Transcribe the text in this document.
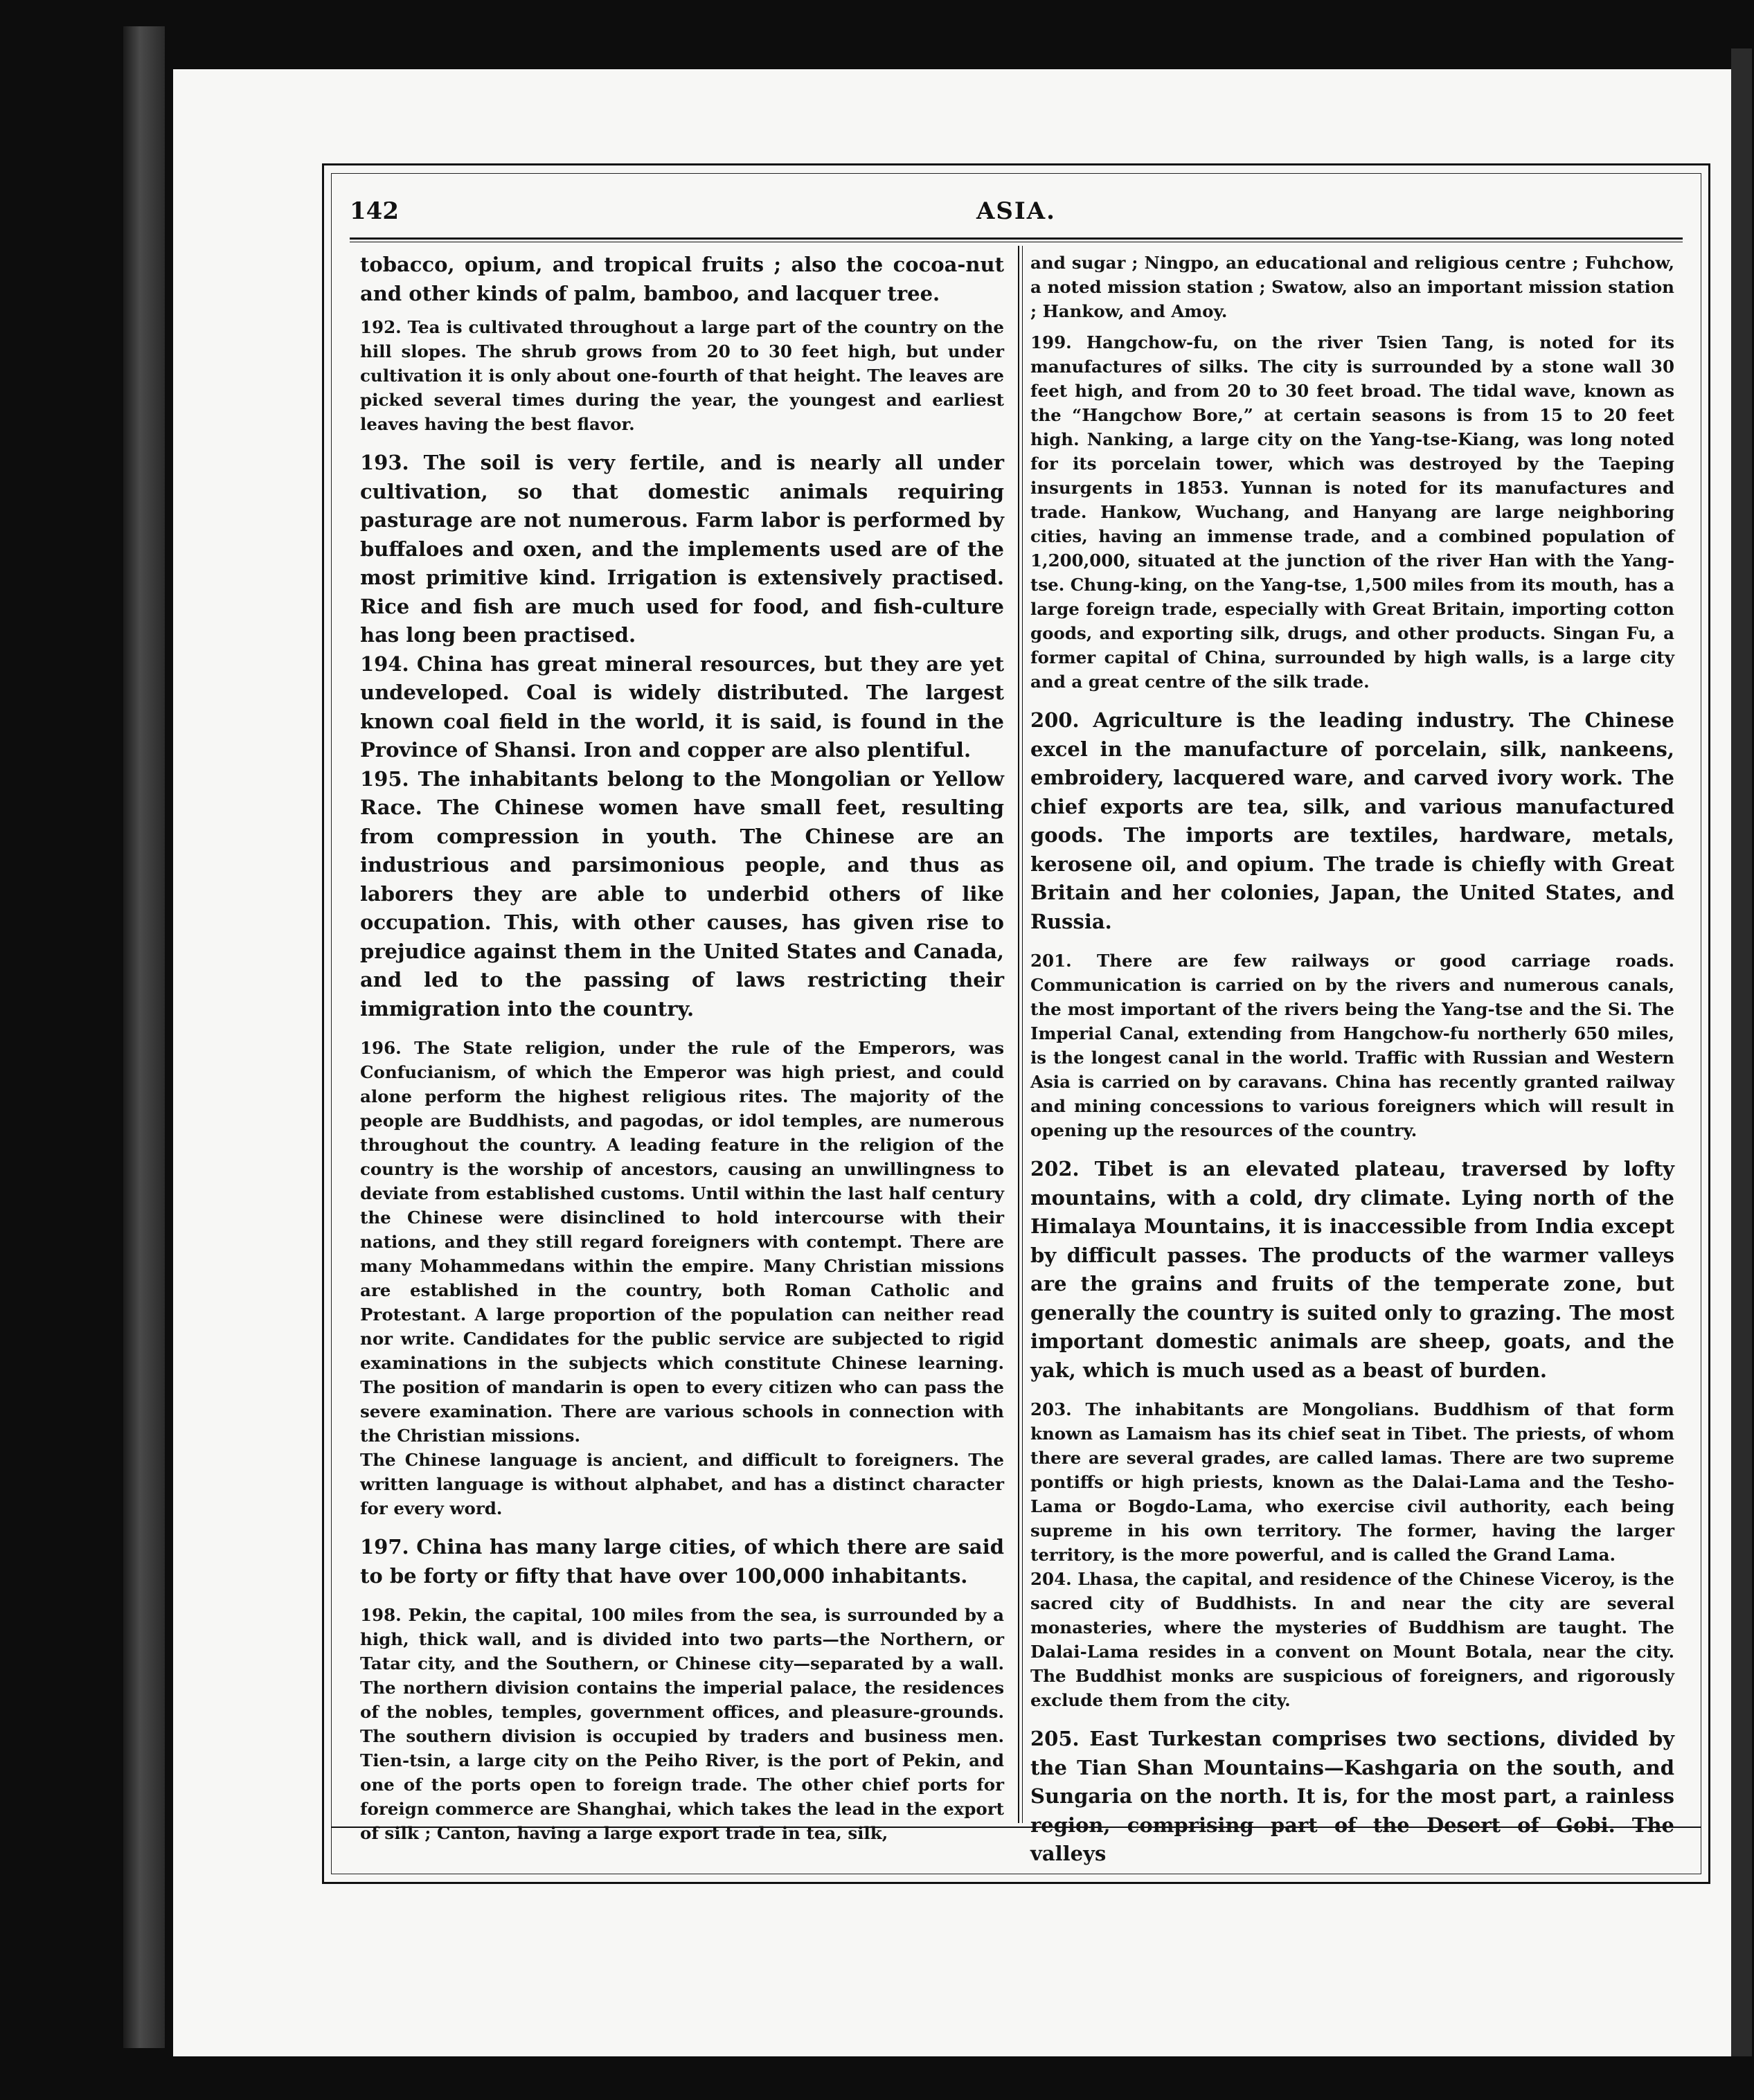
142	ASIA.

tobacco, opium, and tropical fruits ; also the cocoa-nut and other kinds of palm, bamboo, and lacquer tree.

192. Tea is cultivated throughout a large part of the country on the hill slopes. The shrub grows from 20 to 30 feet high, but under cultivation it is only about one-fourth of that height. The leaves are picked several times during the year, the youngest and earliest leaves having the best flavor.

193. The soil is very fertile, and is nearly all under cultivation, so that domestic animals requiring pasturage are not numerous. Farm labor is performed by buffaloes and oxen, and the implements used are of the most primitive kind. Irrigation is extensively practised. Rice and fish are much used for food, and fish-culture has long been practised.

194. China has great mineral resources, but they are yet undeveloped. Coal is widely distributed. The largest known coal field in the world, it is said, is found in the Province of Shansi. Iron and copper are also plentiful.

195. The inhabitants belong to the Mongolian or Yellow Race. The Chinese women have small feet, resulting from compression in youth. The Chinese are an industrious and parsimonious people, and thus as laborers they are able to underbid others of like occupation. This, with other causes, has given rise to prejudice against them in the United States and Canada, and led to the passing of laws restricting their immigration into the country.

196. The State religion, under the rule of the Emperors, was Confucianism, of which the Emperor was high priest, and could alone perform the highest religious rites. The majority of the people are Buddhists, and pagodas, or idol temples, are numerous throughout the country. A leading feature in the religion of the country is the worship of ancestors, causing an unwillingness to deviate from established customs. Until within the last half century the Chinese were disinclined to hold intercourse with their nations, and they still regard foreigners with contempt. There are many Mohammedans within the empire. Many Christian missions are established in the country, both Roman Catholic and Protestant. A large proportion of the population can neither read nor write. Candidates for the public service are subjected to rigid examinations in the subjects which constitute Chinese learning. The position of mandarin is open to every citizen who can pass the severe examination. There are various schools in connection with the Christian missions.

The Chinese language is ancient, and difficult to foreigners. The written language is without alphabet, and has a distinct character for every word.

197. China has many large cities, of which there are said to be forty or fifty that have over 100,000 inhabitants.

198. Pekin, the capital, 100 miles from the sea, is surrounded by a high, thick wall, and is divided into two parts—the Northern, or Tatar city, and the Southern, or Chinese city—separated by a wall. The northern division contains the imperial palace, the residences of the nobles, temples, government offices, and pleasure-grounds. The southern division is occupied by traders and business men. Tien-tsin, a large city on the Peiho River, is the port of Pekin, and one of the ports open to foreign trade. The other chief ports for foreign commerce are Shanghai, which takes the lead in the export of silk ; Canton, having a large export trade in tea, silk,

and sugar ; Ningpo, an educational and religious centre ; Fuhchow, a noted mission station ; Swatow, also an important mission station ; Hankow, and Amoy.

199. Hangchow-fu, on the river Tsien Tang, is noted for its manufactures of silks. The city is surrounded by a stone wall 30 feet high, and from 20 to 30 feet broad. The tidal wave, known as the “Hangchow Bore,” at certain seasons is from 15 to 20 feet high. Nanking, a large city on the Yang-tse-Kiang, was long noted for its porcelain tower, which was destroyed by the Taeping insurgents in 1853. Yunnan is noted for its manufactures and trade. Hankow, Wuchang, and Hanyang are large neighboring cities, having an immense trade, and a combined population of 1,200,000, situated at the junction of the river Han with the Yang-tse. Chung-king, on the Yang-tse, 1,500 miles from its mouth, has a large foreign trade, especially with Great Britain, importing cotton goods, and exporting silk, drugs, and other products. Singan Fu, a former capital of China, surrounded by high walls, is a large city and a great centre of the silk trade.

200. Agriculture is the leading industry. The Chinese excel in the manufacture of porcelain, silk, nankeens, embroidery, lacquered ware, and carved ivory work. The chief exports are tea, silk, and various manufactured goods. The imports are textiles, hardware, metals, kerosene oil, and opium. The trade is chiefly with Great Britain and her colonies, Japan, the United States, and Russia.

201. There are few railways or good carriage roads. Communication is carried on by the rivers and numerous canals, the most important of the rivers being the Yang-tse and the Si. The Imperial Canal, extending from Hangchow-fu northerly 650 miles, is the longest canal in the world. Traffic with Russian and Western Asia is carried on by caravans. China has recently granted railway and mining concessions to various foreigners which will result in opening up the resources of the country.

202. Tibet is an elevated plateau, traversed by lofty mountains, with a cold, dry climate. Lying north of the Himalaya Mountains, it is inaccessible from India except by difficult passes. The products of the warmer valleys are the grains and fruits of the temperate zone, but generally the country is suited only to grazing. The most important domestic animals are sheep, goats, and the yak, which is much used as a beast of burden.

203. The inhabitants are Mongolians. Buddhism of that form known as Lamaism has its chief seat in Tibet. The priests, of whom there are several grades, are called lamas. There are two supreme pontiffs or high priests, known as the Dalai-Lama and the Tesho-Lama or Bogdo-Lama, who exercise civil authority, each being supreme in his own territory. The former, having the larger territory, is the more powerful, and is called the Grand Lama.

204. Lhasa, the capital, and residence of the Chinese Viceroy, is the sacred city of Buddhists. In and near the city are several monasteries, where the mysteries of Buddhism are taught. The Dalai-Lama resides in a convent on Mount Botala, near the city. The Buddhist monks are suspicious of foreigners, and rigorously exclude them from the city.

205. East Turkestan comprises two sections, divided by the Tian Shan Mountains—Kashgaria on the south, and Sungaria on the north. It is, for the most part, a rainless region, comprising part of the Desert of Gobi. The valleys
